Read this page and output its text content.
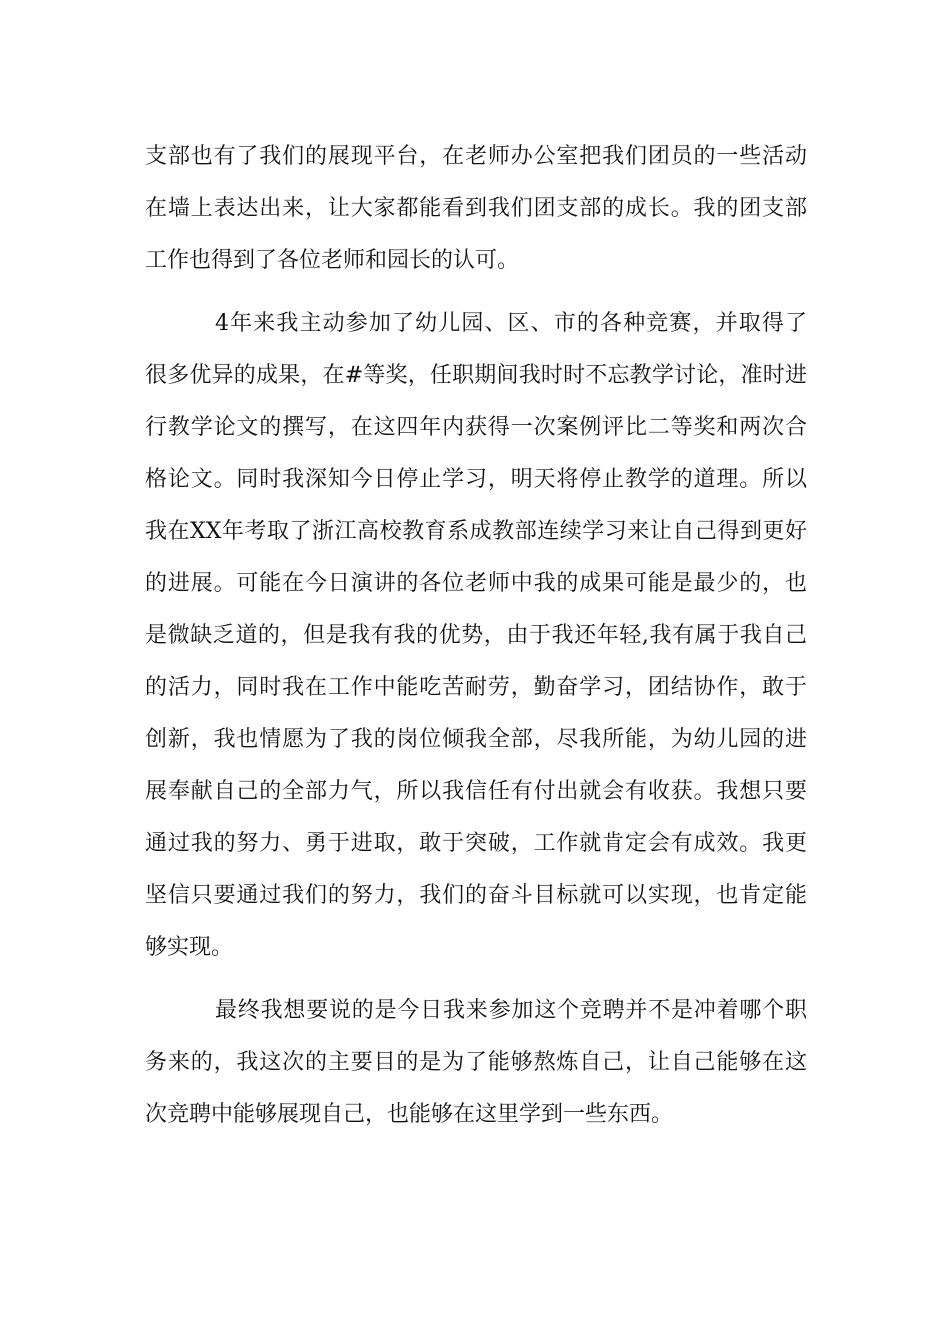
支部也有了我们的展现平台，在老师办公室把我们团员的一些活动
在墙上表达出来，让大家都能看到我们团支部的成长。我的团支部
工作也得到了各位老师和园长的认可。
4年来我主动参加了幼儿园、区、市的各种竞赛，并取得了
很多优异的成果，在#等奖，任职期间我时时不忘教学讨论，准时进
行教学论文的撰写，在这四年内获得一次案例评比二等奖和两次合
格论文。同时我深知今日停止学习，明天将停止教学的道理。所以
我在XX年考取了浙江高校教育系成教部连续学习来让自己得到更好
的进展。可能在今日演讲的各位老师中我的成果可能是最少的，也
是微缺乏道的，但是我有我的优势，由于我还年轻,我有属于我自己
的活力，同时我在工作中能吃苦耐劳，勤奋学习，团结协作，敢于
创新，我也情愿为了我的岗位倾我全部，尽我所能，为幼儿园的进
展奉献自己的全部力气，所以我信任有付出就会有收获。我想只要
通过我的努力、勇于进取，敢于突破，工作就肯定会有成效。我更
坚信只要通过我们的努力，我们的奋斗目标就可以实现，也肯定能
够实现。
最终我想要说的是今日我来参加这个竞聘并不是冲着哪个职
务来的，我这次的主要目的是为了能够熬炼自己，让自己能够在这
次竞聘中能够展现自己，也能够在这里学到一些东西。
